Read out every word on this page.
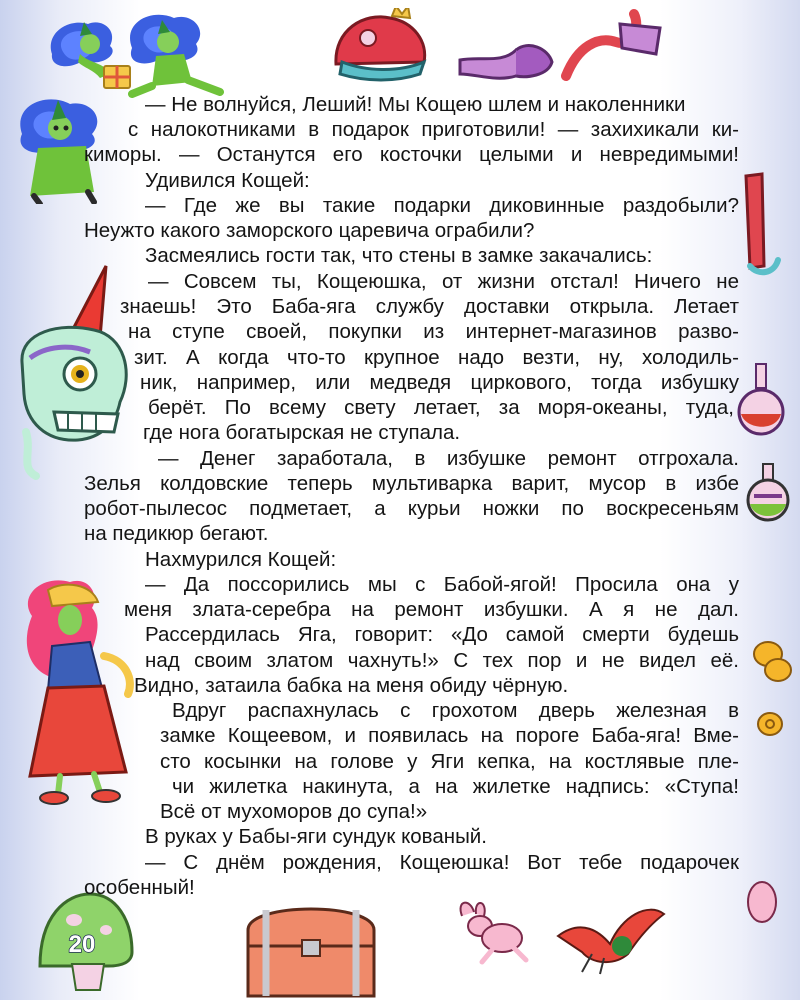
— Не волнуйся, Леший! Мы Кощею шлем и наколенники
с налокотниками в подарок приготовили! — захихикали ки-
киморы. — Останутся его косточки целыми и невредимыми!
Удивился Кощей:
— Где же вы такие подарки диковинные раздобыли?
Неужто какого заморского царевича ограбили?
Засмеялись гости так, что стены в замке закачались:
— Совсем ты, Кощеюшка, от жизни отстал! Ничего не
знаешь! Это Баба-яга службу доставки открыла. Летает
на ступе своей, покупки из интернет-магазинов разво-
зит. А когда что-то крупное надо везти, ну, холодиль-
ник, например, или медведя циркового, тогда избушку
берёт. По всему свету летает, за моря-океаны, туда,
где нога богатырская не ступала.
— Денег заработала, в избушке ремонт отгрохала.
Зелья колдовские теперь мультиварка варит, мусор в избе
робот-пылесос подметает, а курьи ножки по воскресеньям
на педикюр бегают.
Нахмурился Кощей:
— Да поссорились мы с Бабой-ягой! Просила она у
меня злата-серебра на ремонт избушки. А я не дал.
Рассердилась Яга, говорит: «До самой смерти будешь
над своим златом чахнуть!» С тех пор и не видел её.
Видно, затаила бабка на меня обиду чёрную.
Вдруг распахнулась с грохотом дверь железная в
замке Кощеевом, и появилась на пороге Баба-яга! Вме-
сто косынки на голове у Яги кепка, на костлявые пле-
чи жилетка накинута, а на жилетке надпись: «Ступа!
Всё от мухоморов до супа!»
В руках у Бабы-яги сундук кованый.
— С днём рождения, Кощеюшка! Вот тебе подарочек
особенный!
20
